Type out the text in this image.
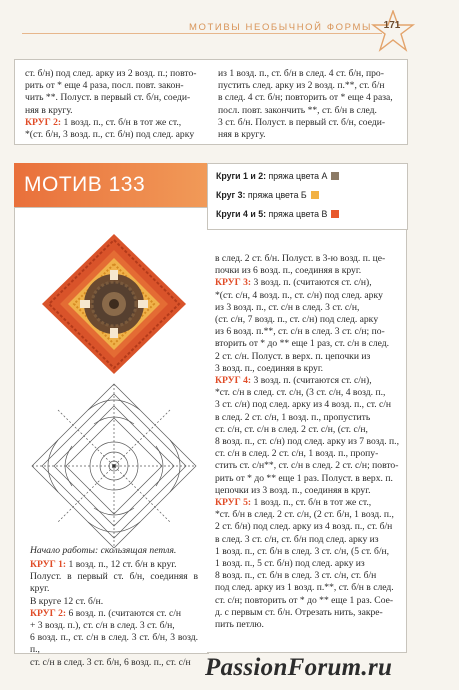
МОТИВЫ НЕОБЫЧНОЙ ФОРМЫ	171
ст. б/н) под след. аркy из 2 возд. п.; повто-
рить от * еще 4 раза, посл. повт. закон-
чить **. Полуст. в первый ст. б/н, соеди-
няя в кругу.
КРУГ 2: 1 возд. п., ст. б/н в тот же ст.,
*(ст. б/н, 3 возд. п., ст. б/н) под след. аркy
из 1 возд. п., ст. б/н в след. 4 ст. б/н, про-
пустить след. аркy из 2 возд. п.**, ст. б/н
в след. 4 ст. б/н; повторить от * еще 4 раза,
посл. повт. закончить **, ст. б/н в след.
3 ст. б/н. Полуст. в первый ст. б/н, соеди-
няя в кругу.
МОТИВ 133	Круги 1 и 2: пряжа цвета А
Круг 3: пряжа цвета Б
Круги 4 и 5: пряжа цвета В
Начало работы: скользящая петля.
КРУГ 1: 1 возд. п., 12 ст. б/н в круг.
Полуст. в первый ст. б/н, соединяя в круг.
В кругe 12 ст. б/н.
КРУГ 2: 6 возд. п. (считаются ст. с/н
+ 3 возд. п.), ст. с/н в след. 3 ст. б/н,
6 возд. п., ст. с/н в след. 3 ст. б/н, 3 возд. п.,
ст. с/н в след. 3 ст. б/н, 6 возд. п., ст. с/н
в след. 2 ст. б/н. Полуст. в 3-ю возд. п. це-
почки из 6 возд. п., соединяя в круг.
КРУГ 3: 3 возд. п. (считаются ст. с/н),
*(ст. с/н, 4 возд. п., ст. с/н) под след. аркy
из 3 возд. п., ст. с/н в след. 3 ст. с/н,
(ст. с/н, 7 возд. п., ст. с/н) под след. аркy
из 6 возд. п.**, ст. с/н в след. 3 ст. с/н; по-
вторить от * до ** еще 1 раз, ст. с/н в след.
2 ст. с/н. Полуст. в верх. п. цепочки из
3 возд. п., соединяя в круг.
КРУГ 4: 3 возд. п. (считаются ст. с/н),
*ст. с/н в след. ст. с/н, (3 ст. с/н, 4 возд. п.,
3 ст. с/н) под след. аркy из 4 возд. п., ст. с/н
в след. 2 ст. с/н, 1 возд. п., пропустить
ст. с/н, ст. с/н в след. 2 ст. с/н, (ст. с/н,
8 возд. п., ст. с/н) под след. аркy из 7 возд. п.,
ст. с/н в след. 2 ст. с/н, 1 возд. п., пропу-
стить ст. с/н**, ст. с/н в след. 2 ст. с/н; повто-
рить от * до ** еще 1 раз. Полуст. в верх. п.
цепочки из 3 возд. п., соединяя в круг.
КРУГ 5: 1 возд. п., ст. б/н в тот же ст.,
*ст. б/н в след. 2 ст. с/н, (2 ст. б/н, 1 возд. п.,
2 ст. б/н) под след. аркy из 4 возд. п., ст. б/н
в след. 3 ст. с/н, ст. б/н под след. аркy из
1 возд. п., ст. б/н в след. 3 ст. с/н, (5 ст. б/н,
1 возд. п., 5 ст. б/н) под след. аркy из
8 возд. п., ст. б/н в след. 3 ст. с/н, ст. б/н
под след. аркy из 1 возд. п.**, ст. б/н в след.
ст. с/н; повторить от * до ** еще 1 раз. Сое-
д. с первым ст. б/н. Отрезать нить, закре-
пить петлю.
PassionForum.ru
